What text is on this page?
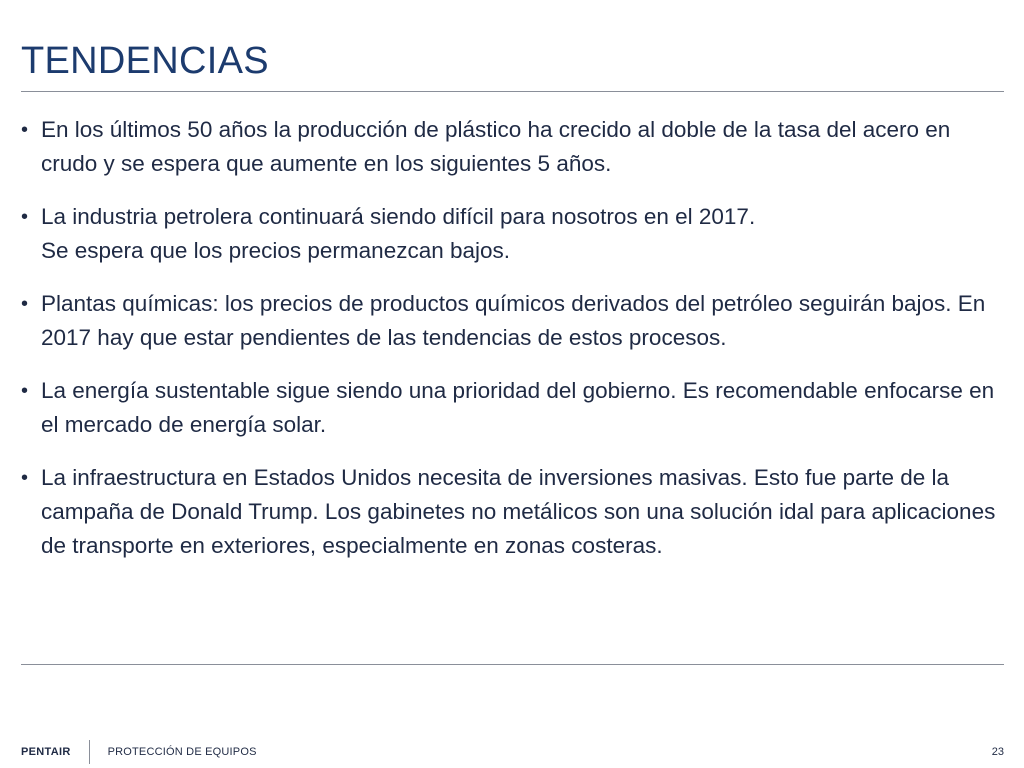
TENDENCIAS
• En los últimos 50 años la producción de plástico ha crecido al doble de la tasa del acero en crudo y se espera que aumente en los siguientes 5 años.
• La industria petrolera continuará siendo difícil para nosotros en el 2017.
Se espera que los precios permanezcan bajos.
• Plantas químicas: los precios de productos químicos derivados del petróleo seguirán bajos. En 2017 hay que estar pendientes de las tendencias de estos procesos.
• La energía sustentable sigue siendo una prioridad del gobierno. Es recomendable enfocarse en el mercado de energía solar.
• La infraestructura en Estados Unidos necesita de inversiones masivas. Esto fue parte de la campaña de Donald Trump. Los gabinetes no metálicos son una solución idal para aplicaciones de transporte en exteriores, especialmente en zonas costeras.
PENTAIR	PROTECCIÓN DE EQUIPOS	23
